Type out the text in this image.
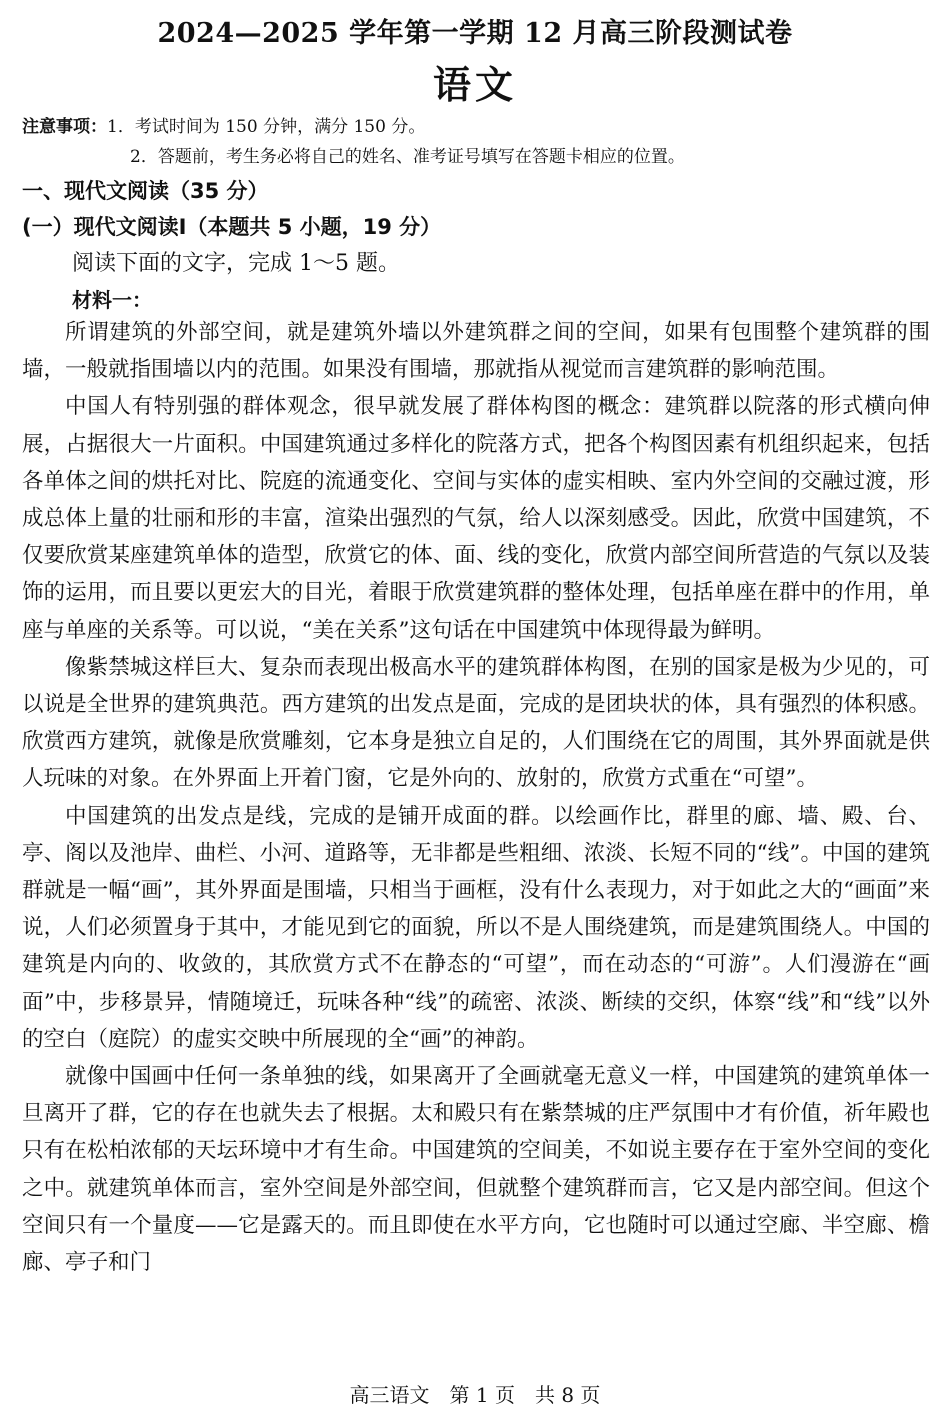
2024—2025 学年第一学期 12 月高三阶段测试卷
语文
注意事项：1．考试时间为 150 分钟，满分 150 分。
2．答题前，考生务必将自己的姓名、准考证号填写在答题卡相应的位置。
一、现代文阅读（35 分）
(一）现代文阅读Ⅰ（本题共 5 小题，19 分）
阅读下面的文字，完成 1～5 题。
材料一：

所谓建筑的外部空间，就是建筑外墙以外建筑群之间的空间，如果有包围整个建筑群的围墙，一般就指围墙以内的范围。如果没有围墙，那就指从视觉而言建筑群的影响范围。

中国人有特别强的群体观念，很早就发展了群体构图的概念：建筑群以院落的形式横向伸展，占据很大一片面积。中国建筑通过多样化的院落方式，把各个构图因素有机组织起来，包括各单体之间的烘托对比、院庭的流通变化、空间与实体的虚实相映、室内外空间的交融过渡，形成总体上量的壮丽和形的丰富，渲染出强烈的气氛，给人以深刻感受。因此，欣赏中国建筑，不仅要欣赏某座建筑单体的造型，欣赏它的体、面、线的变化，欣赏内部空间所营造的气氛以及装饰的运用，而且要以更宏大的目光，着眼于欣赏建筑群的整体处理，包括单座在群中的作用，单座与单座的关系等。可以说，“美在关系”这句话在中国建筑中体现得最为鲜明。

像紫禁城这样巨大、复杂而表现出极高水平的建筑群体构图，在别的国家是极为少见的，可以说是全世界的建筑典范。西方建筑的出发点是面，完成的是团块状的体，具有强烈的体积感。欣赏西方建筑，就像是欣赏雕刻，它本身是独立自足的，人们围绕在它的周围，其外界面就是供人玩味的对象。在外界面上开着门窗，它是外向的、放射的，欣赏方式重在“可望”。

中国建筑的出发点是线，完成的是铺开成面的群。以绘画作比，群里的廊、墙、殿、台、亭、阁以及池岸、曲栏、小河、道路等，无非都是些粗细、浓淡、长短不同的“线”。中国的建筑群就是一幅“画”，其外界面是围墙，只相当于画框，没有什么表现力，对于如此之大的“画面”来说，人们必须置身于其中，才能见到它的面貌，所以不是人围绕建筑，而是建筑围绕人。中国的建筑是内向的、收敛的，其欣赏方式不在静态的“可望”，而在动态的“可游”。人们漫游在“画面”中，步移景异，情随境迁，玩味各种“线”的疏密、浓淡、断续的交织，体察“线”和“线”以外的空白（庭院）的虚实交映中所展现的全“画”的神韵。

就像中国画中任何一条单独的线，如果离开了全画就毫无意义一样，中国建筑的建筑单体一旦离开了群，它的存在也就失去了根据。太和殿只有在紫禁城的庄严氛围中才有价值，祈年殿也只有在松柏浓郁的天坛环境中才有生命。中国建筑的空间美，不如说主要存在于室外空间的变化之中。就建筑单体而言，室外空间是外部空间，但就整个建筑群而言，它又是内部空间。但这个空间只有一个量度——它是露天的。而且即使在水平方向，它也随时可以通过空廊、半空廊、檐廊、亭子和门

高三语文　第 1 页　共 8 页
